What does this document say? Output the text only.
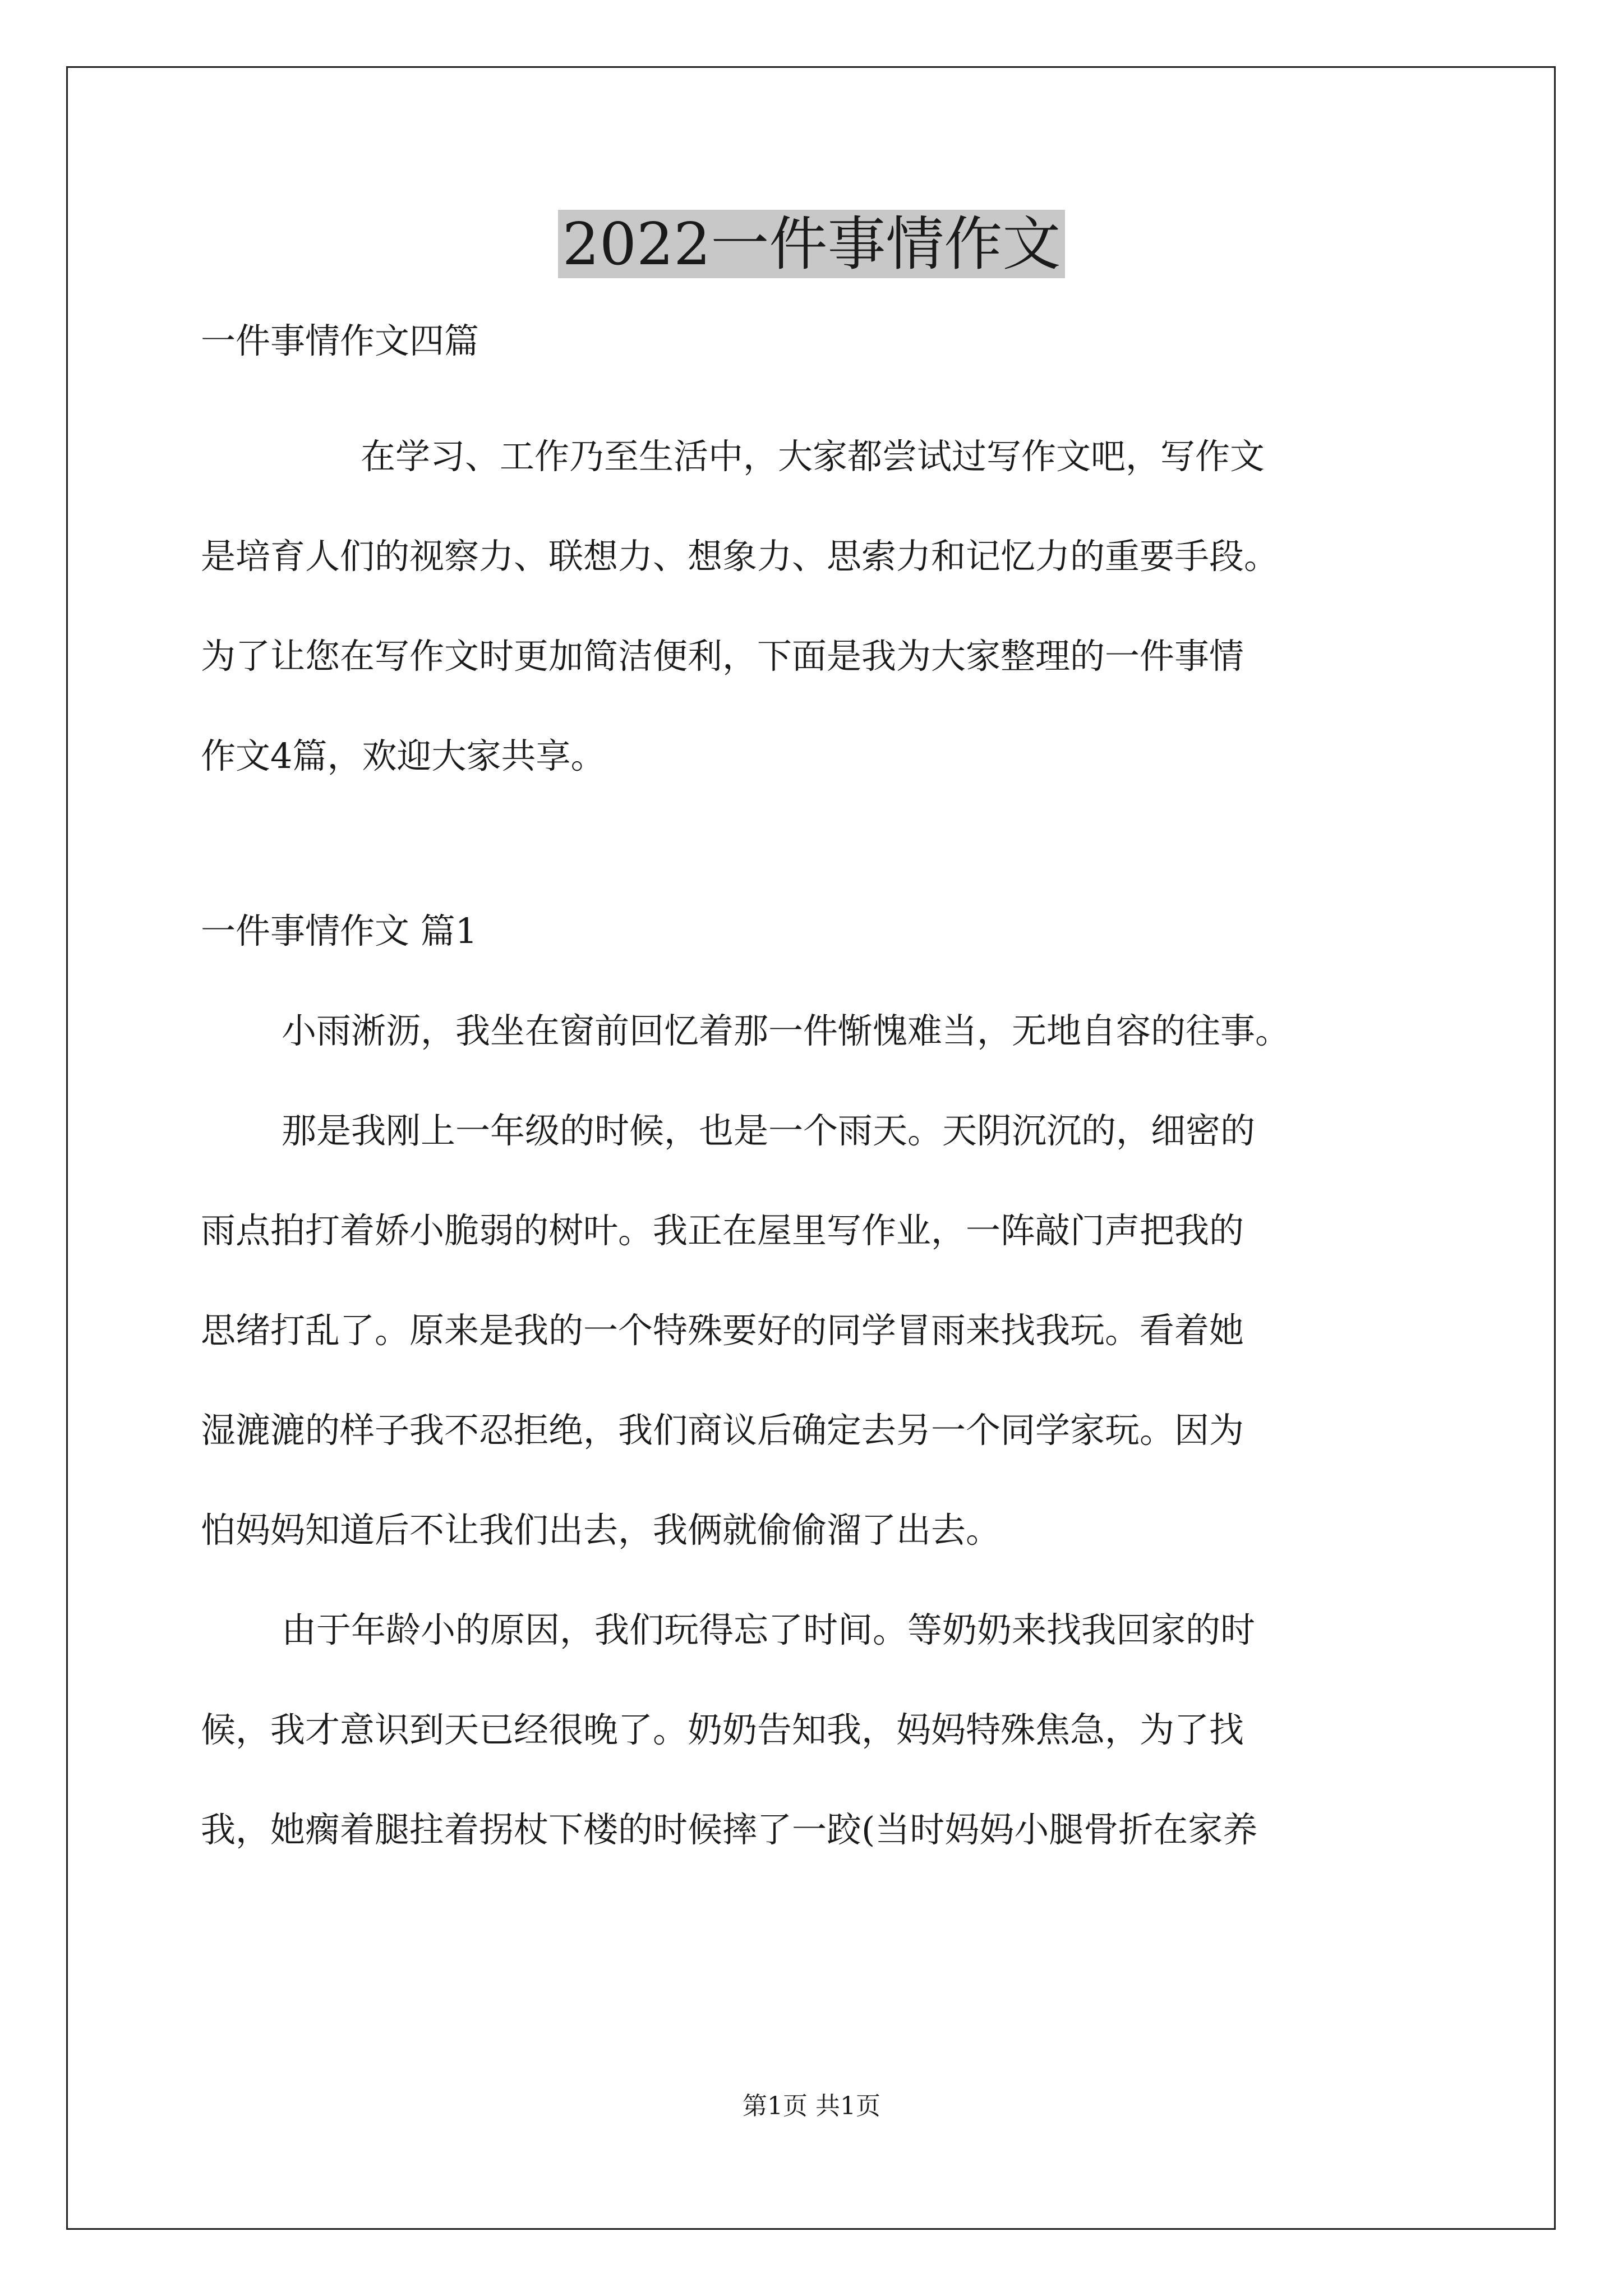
2022一件事情作文

一件事情作文四篇

在学习、工作乃至生活中，大家都尝试过写作文吧，写作文

是培育人们的视察力、联想力、想象力、思索力和记忆力的重要手段。

为了让您在写作文时更加简洁便利，下面是我为大家整理的一件事情

作文4篇，欢迎大家共享。

一件事情作文 篇1

小雨淅沥，我坐在窗前回忆着那一件惭愧难当，无地自容的往事。

那是我刚上一年级的时候，也是一个雨天。天阴沉沉的，细密的

雨点拍打着娇小脆弱的树叶。我正在屋里写作业，一阵敲门声把我的

思绪打乱了。原来是我的一个特殊要好的同学冒雨来找我玩。看着她

湿漉漉的样子我不忍拒绝，我们商议后确定去另一个同学家玩。因为

怕妈妈知道后不让我们出去，我俩就偷偷溜了出去。

由于年龄小的原因，我们玩得忘了时间。等奶奶来找我回家的时

候，我才意识到天已经很晚了。奶奶告知我，妈妈特殊焦急，为了找

我，她瘸着腿拄着拐杖下楼的时候摔了一跤(当时妈妈小腿骨折在家养

第1页 共1页
